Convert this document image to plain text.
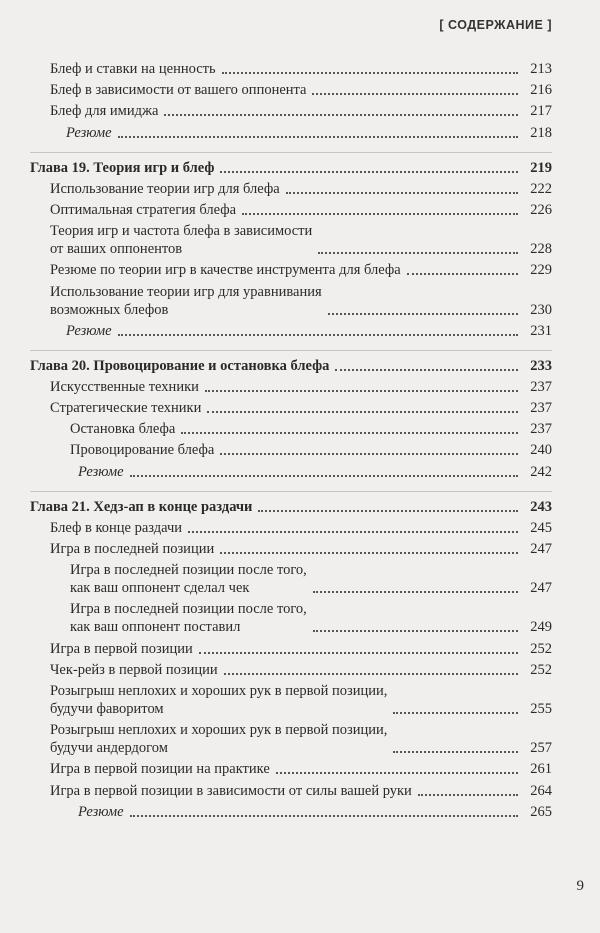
[ СОДЕРЖАНИЕ ]
Блеф и ставки на ценность	213
Блеф в зависимости от вашего оппонента	216
Блеф для имиджа	217
Резюме	218
Глава 19. Теория игр и блеф	219
Использование теории игр для блефа	222
Оптимальная стратегия блефа	226
Теория игр и частота блефа в зависимости
от ваших оппонентов	228
Резюме по теории игр в качестве инструмента для блефа	229
Использование теории игр для уравнивания
возможных блефов	230
Резюме	231
Глава 20. Провоцирование и остановка блефа	233
Искусственные техники	237
Стратегические техники	237
Остановка блефа	237
Провоцирование блефа	240
Резюме	242
Глава 21. Хедз-ап в конце раздачи	243
Блеф в конце раздачи	245
Игра в последней позиции	247
Игра в последней позиции после того,
как ваш оппонент сделал чек	247
Игра в последней позиции после того,
как ваш оппонент поставил	249
Игра в первой позиции	252
Чек-рейз в первой позиции	252
Розыгрыш неплохих и хороших рук в первой позиции,
будучи фаворитом	255
Розыгрыш неплохих и хороших рук в первой позиции,
будучи андердогом	257
Игра в первой позиции на практике	261
Игра в первой позиции в зависимости от силы вашей руки	264
Резюме	265
9
